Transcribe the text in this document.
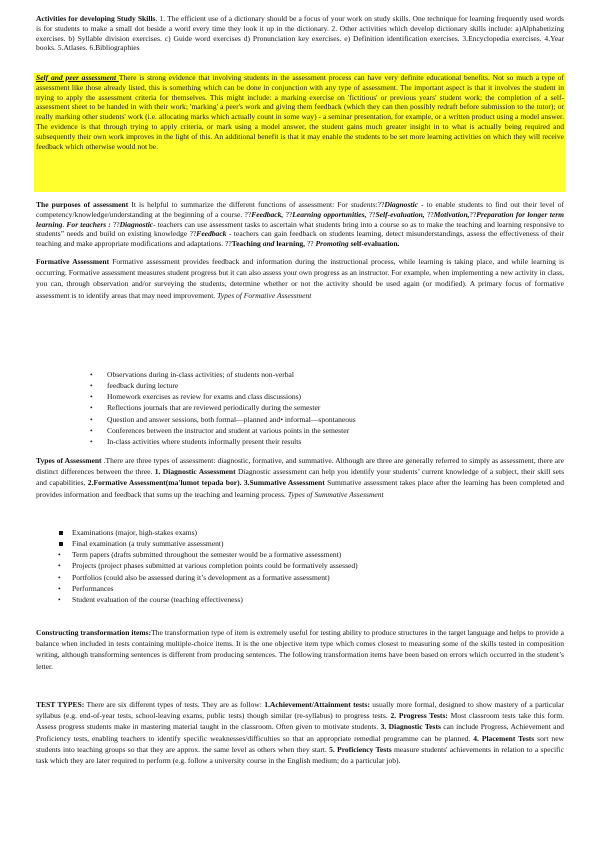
Activities for developing Study Skills. 1. The efficient use of a dictionary should be a focus of your work on study skills. One technique for learning frequently used words is for students to make a small dot beside a word every time they look it up in the dictionary. 2. Other activities which develop dictionary skills include: a)Alphabetizing exercises. b) Syllable division exercises. c) Guide word exercises d) Pronunciation key exercises. e) Definition identification exercises. 3.Encyclopedia exercises. 4.Year books. 5.Atlases. 6.Bibliographies

Self and peer assessment There is strong evidence that involving students in the assessment process can have very definite educational benefits. Not so much a type of assessment like those already listed, this is something which can be done in conjunction with any type of assessment. The important aspect is that it involves the student in trying to apply the assessment criteria for themselves. This might include: a marking exercise on 'fictitious' or previous years' student work; the completion of a self-assessment sheet to be handed in with their work; 'marking' a peer's work and giving them feedback (which they can then possibly redraft before submission to the tutor); or really marking other students' work (i.e. allocating marks which actually count in some way) - a seminar presentation, for example, or a written product using a model answer. The evidence is that through trying to apply criteria, or mark using a model answer, the student gains much greater insight in to what is actually being required and subsequently their own work improves in the light of this. An additional benefit is that it may enable the students to be set more learning activities on which they will receive feedback which otherwise would not be.

The purposes of assessment It is helpful to summarize the different functions of assessment: For students:??Diagnostic - to enable students to find out their level of competency/knowledge/understanding at the beginning of a course. ??Feedback, ??Learning opportunities, ??Self-evaluation, ??Motivation,??Preparation for longer term learning. For teachers : ??Diagnostic- teachers can use assessment tasks to ascertain what students bring into a course so as to make the teaching and learning responsive to students” needs and build on existing knowledge ??Feedback - teachers can gain feedback on students learning, detect misunderstandings, assess the effectiveness of their teaching and make appropriate modifications and adaptations. ??Teaching and learning, ?? Promoting self-evaluation.

Formative Assessment Formative assessment provides feedback and information during the instructional process, while learning is taking place, and while learning is occurring. Formative assessment measures student progress but it can also assess your own progress as an instructor. For example, when implementing a new activity in class, you can, through observation and/or surveying the students, determine whether or not the activity should be used again (or modified). A primary focus of formative assessment is to identify areas that may need improvement. Types of Formative Assessment

• Observations during in-class activities; of students non-verbal
• feedback during lecture
• Homework exercises as review for exams and class discussions)
• Reflections journals that are reviewed periodically during the semester
• Question and answer sessions, both formal—planned and• informal—spontaneous
• Conferences between the instructor and student at various points in the semester
• In-class activities where students informally present their results

Types of Assessment .There are three types of assessment: diagnostic, formative, and summative. Although are three are generally referred to simply as assessment, there are distinct differences between the three. 1. Diagnostic Assessment Diagnostic assessment can help you identify your students’ current knowledge of a subject, their skill sets and capabilities, 2.Formative Assessment(ma'lumot tepada bor). 3.Summative Assessment Summative assessment takes place after the learning has been completed and provides information and feedback that sums up the teaching and learning process. Types of Summative Assessment

Examinations (major, high-stakes exams)
Final examination (a truly summative assessment)
• Term papers (drafts submitted throughout the semester would be a formative assessment)
• Projects (project phases submitted at various completion points could be formatively assessed)
• Portfolios (could also be assessed during it’s development as a formative assessment)
• Performances
• Student evaluation of the course (teaching effectiveness)

Constructing transformation items:The transformation type of item is extremely useful for testing ability to produce structures in the target language and helps to provide a balance when included in tests containing multiple-choice items. It is the one objective item type which comes closest to measuring some of the skills tested in composition writing, although transforming sentences is different from producing sentences. The following transformation items have been based on errors which occurred in the student’s letter.

TEST TYPES: There are six different types of tests. They are as follow: 1.Achievement/Attainment tests: usually more formal, designed to show mastery of a particular syllabus (e.g. end-of-year tests, school-leaving exams, public tests) though similar (re-syllabus) to progress tests. 2. Progress Tests: Most classroom tests take this form. Assess progress students make in mastering material taught in the classroom. Often given to motivate students. 3. Diagnostic Tests can include Progress, Achievement and Proficiency tests, enabling teachers to identify specific weaknesses/difficulties so that an appropriate remedial programme can be planned. 4. Placement Tests sort new students into teaching groups so that they are approx. the same level as others when they start. 5. Proficiency Tests measure students' achievements in relation to a specific task which they are later required to perform (e.g. follow a university course in the English medium; do a particular job).
